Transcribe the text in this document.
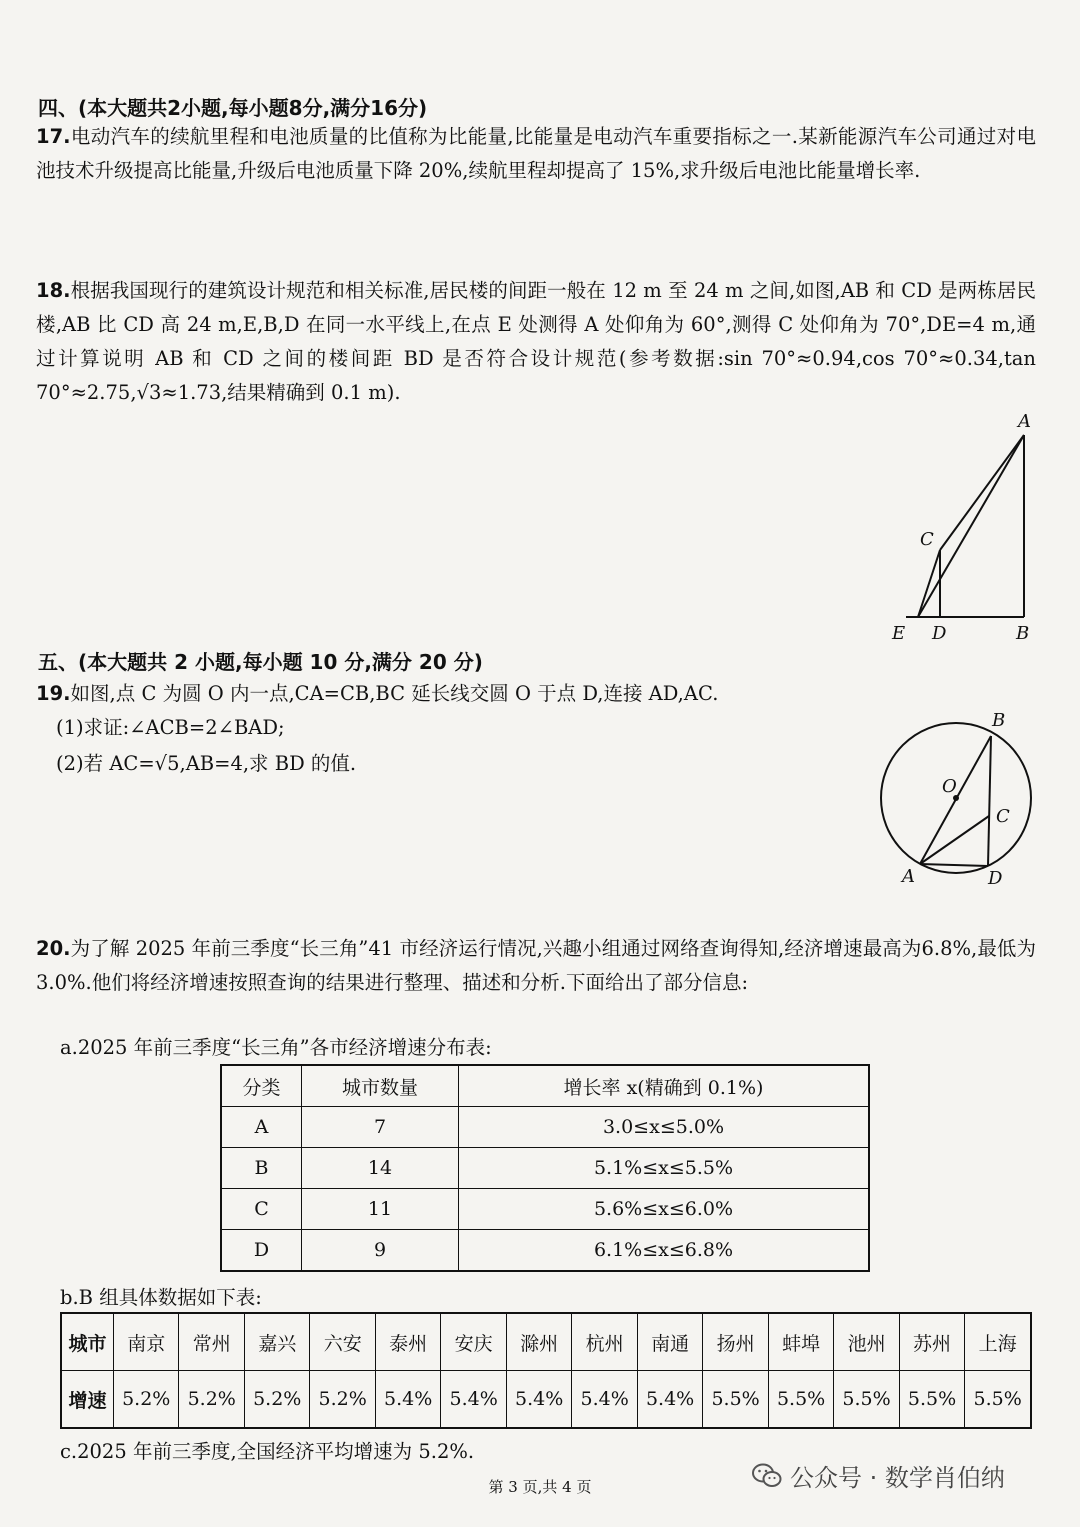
四、(本大题共2小题,每小题8分,满分16分)
17.电动汽车的续航里程和电池质量的比值称为比能量,比能量是电动汽车重要指标之一.某新能源汽车公司通过对电池技术升级提高比能量,升级后电池质量下降 20%,续航里程却提高了 15%,求升级后电池比能量增长率.
18.根据我国现行的建筑设计规范和相关标准,居民楼的间距一般在 12 m 至 24 m 之间,如图,AB 和 CD 是两栋居民楼,AB 比 CD 高 24 m,E,B,D 在同一水平线上,在点 E 处测得 A 处仰角为 60°,测得 C 处仰角为 70°,DE=4 m,通过计算说明 AB 和 CD 之间的楼间距 BD 是否符合设计规范(参考数据:sin 70°≈0.94,cos 70°≈0.34,tan 70°≈2.75,√3≈1.73,结果精确到 0.1 m).
A
C
E D	B
五、(本大题共 2 小题,每小题 10 分,满分 20 分)
19.如图,点 C 为圆 O 内一点,CA=CB,BC 延长线交圆 O 于点 D,连接 AD,AC.
(1)求证:∠ACB=2∠BAD;
(2)若 AC=√5,AB=4,求 BD 的值.
B
O
C
A	D
20.为了解 2025 年前三季度“长三角”41 市经济运行情况,兴趣小组通过网络查询得知,经济增速最高为6.8%,最低为 3.0%.他们将经济增速按照查询的结果进行整理、描述和分析.下面给出了部分信息:
a.2025 年前三季度“长三角”各市经济增速分布表:
分类	城市数量	增长率 x(精确到 0.1%)
A	7	3.0≤x≤5.0%
B	14	5.1%≤x≤5.5%
C	11	5.6%≤x≤6.0%
D	9	6.1%≤x≤6.8%
b.B 组具体数据如下表:
城市	南京	常州	嘉兴	六安	泰州	安庆	滁州	杭州	南通	扬州	蚌埠	池州	苏州	上海
增速	5.2%	5.2%	5.2%	5.2%	5.4%	5.4%	5.4%	5.4%	5.4%	5.5%	5.5%	5.5%	5.5%	5.5%
c.2025 年前三季度,全国经济平均增速为 5.2%.
第 3 页,共 4 页	公众号 · 数学肖伯纳
